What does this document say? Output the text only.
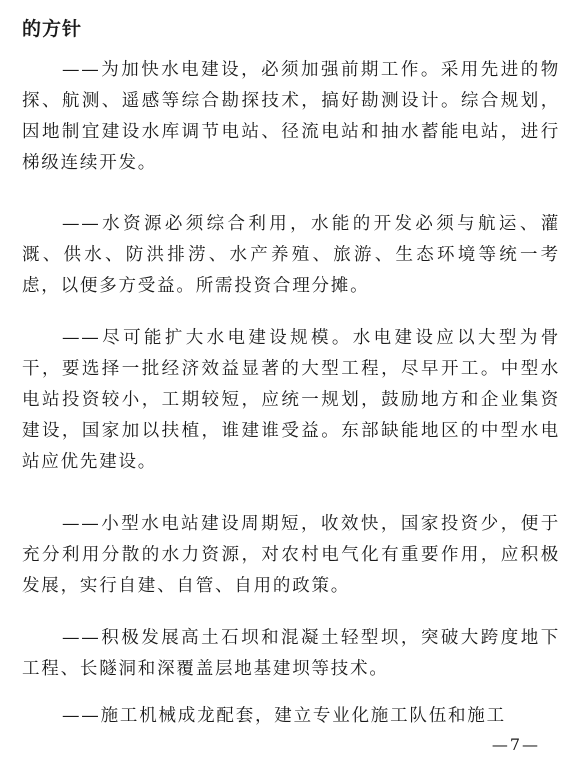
的方针

——为加快水电建设，必须加强前期工作。采用先进的物探、航测、遥感等综合勘探技术，搞好勘测设计。综合规划，因地制宜建设水库调节电站、径流电站和抽水蓄能电站，进行梯级连续开发。

——水资源必须综合利用，水能的开发必须与航运、灌溉、供水、防洪排涝、水产养殖、旅游、生态环境等统一考虑，以便多方受益。所需投资合理分摊。

——尽可能扩大水电建设规模。水电建设应以大型为骨干，要选择一批经济效益显著的大型工程，尽早开工。中型水电站投资较小，工期较短，应统一规划，鼓励地方和企业集资建设，国家加以扶植，谁建谁受益。东部缺能地区的中型水电站应优先建设。

——小型水电站建设周期短，收效快，国家投资少，便于充分利用分散的水力资源，对农村电气化有重要作用，应积极发展，实行自建、自管、自用的政策。

——积极发展高土石坝和混凝土轻型坝，突破大跨度地下工程、长隧洞和深覆盖层地基建坝等技术。

——施工机械成龙配套，建立专业化施工队伍和施工

—7—
